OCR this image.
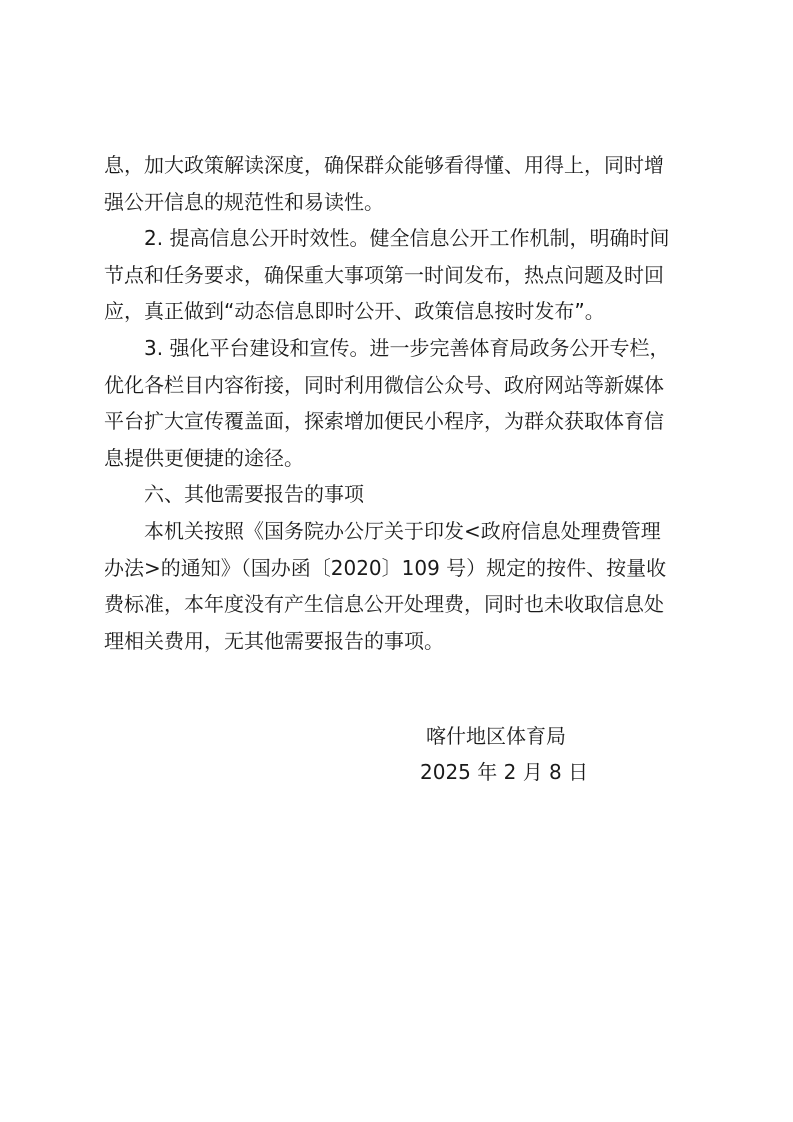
息，加大政策解读深度，确保群众能够看得懂、用得上，同时增
强公开信息的规范性和易读性。
2. 提高信息公开时效性。健全信息公开工作机制，明确时间
节点和任务要求，确保重大事项第一时间发布，热点问题及时回
应，真正做到“动态信息即时公开、政策信息按时发布”。
3. 强化平台建设和宣传。进一步完善体育局政务公开专栏，
优化各栏目内容衔接，同时利用微信公众号、政府网站等新媒体
平台扩大宣传覆盖面，探索增加便民小程序，为群众获取体育信
息提供更便捷的途径。
六、其他需要报告的事项
本机关按照《国务院办公厅关于印发<政府信息处理费管理
办法>的通知》（国办函〔2020〕109 号）规定的按件、按量收
费标准，本年度没有产生信息公开处理费，同时也未收取信息处
理相关费用，无其他需要报告的事项。
喀什地区体育局
2025 年 2 月 8 日
